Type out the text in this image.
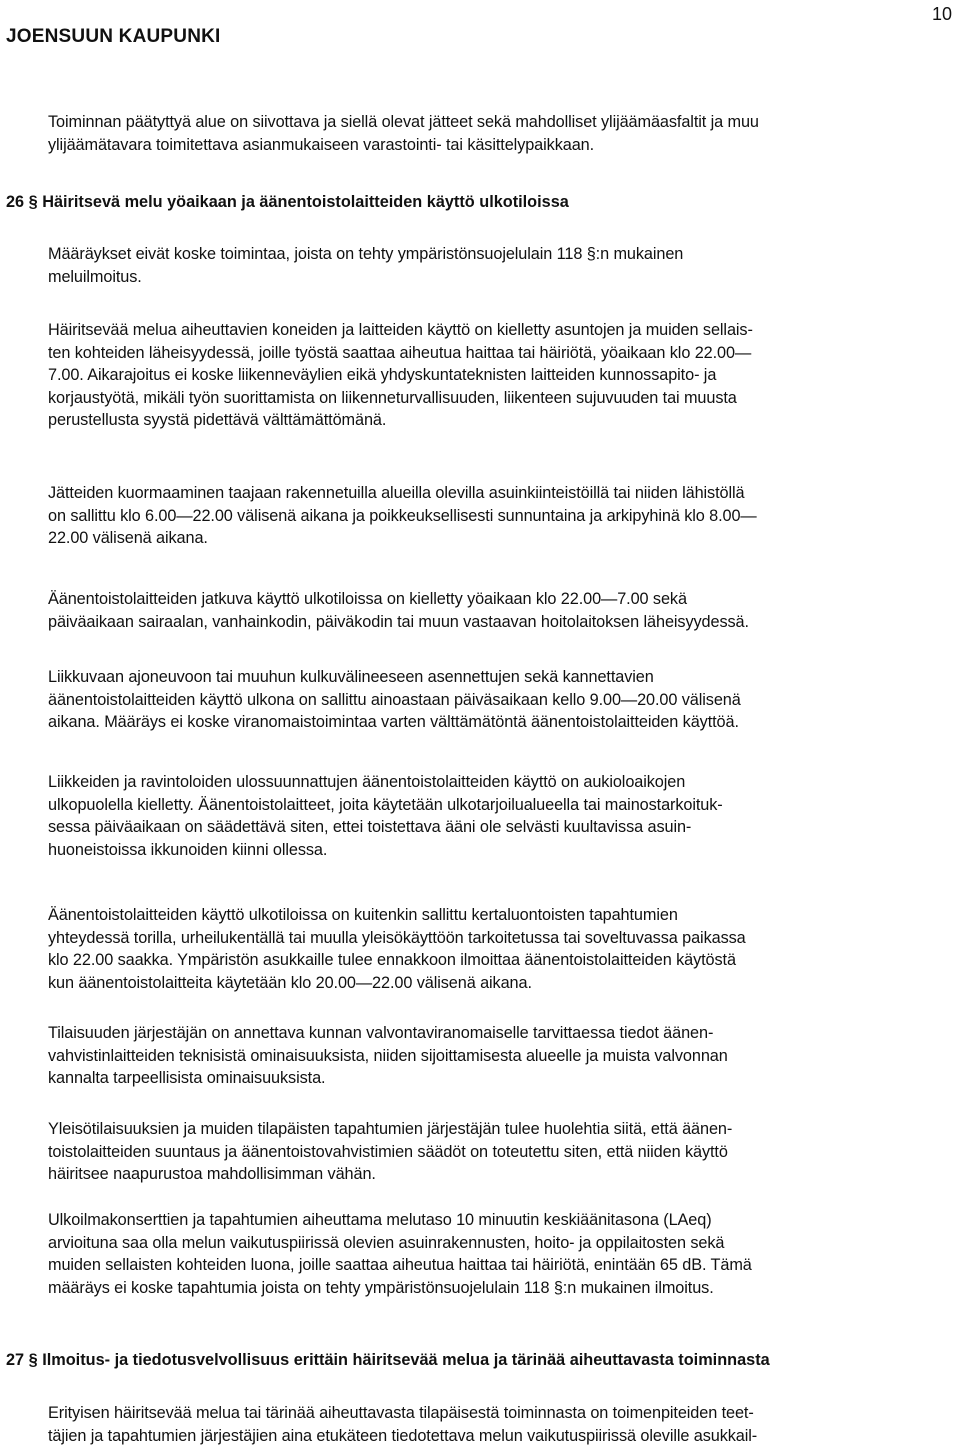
JOENSUUN KAUPUNKI
10
Toiminnan päätyttyä alue on siivottava ja siellä olevat jätteet sekä mahdolliset ylijäämäasfaltit ja muu
ylijäämätavara toimitettava asianmukaiseen varastointi- tai käsittelypaikkaan.
26 § Häiritsevä melu yöaikaan ja äänentoistolaitteiden käyttö ulkotiloissa
Määräykset eivät koske toimintaa, joista on tehty ympäristönsuojelulain 118 §:n mukainen
meluilmoitus.
Häiritsevää melua aiheuttavien koneiden ja laitteiden käyttö on kielletty asuntojen ja muiden sellais-
ten kohteiden läheisyydessä, joille työstä saattaa aiheutua haittaa tai häiriötä, yöaikaan klo 22.00—
7.00. Aikarajoitus ei koske liikenneväylien eikä yhdyskuntateknisten laitteiden kunnossapito- ja
korjaustyötä, mikäli työn suorittamista on liikenneturvallisuuden, liikenteen sujuvuuden tai muusta
perustellusta syystä pidettävä välttämättömänä.
Jätteiden kuormaaminen taajaan rakennetuilla alueilla olevilla asuinkiinteistöillä tai niiden lähistöllä
on sallittu klo 6.00—22.00 välisenä aikana ja poikkeuksellisesti sunnuntaina ja arkipyhinä klo 8.00—
22.00 välisenä aikana.
Äänentoistolaitteiden jatkuva käyttö ulkotiloissa on kielletty yöaikaan klo 22.00—7.00 sekä
päiväaikaan sairaalan, vanhainkodin, päiväkodin tai muun vastaavan hoitolaitoksen läheisyydessä.
Liikkuvaan ajoneuvoon tai muuhun kulkuvälineeseen asennettujen sekä kannettavien
äänentoistolaitteiden käyttö ulkona on sallittu ainoastaan päiväsaikaan kello 9.00—20.00 välisenä
aikana. Määräys ei koske viranomaistoimintaa varten välttämätöntä äänentoistolaitteiden käyttöä.
Liikkeiden ja ravintoloiden ulossuunnattujen äänentoistolaitteiden käyttö on aukioloaikojen
ulkopuolella kielletty. Äänentoistolaitteet, joita käytetään ulkotarjoilualueella tai mainostarkoituk-
sessa päiväaikaan on säädettävä siten, ettei toistettava ääni ole selvästi kuultavissa asuin-
huoneistoissa ikkunoiden kiinni ollessa.
Äänentoistolaitteiden käyttö ulkotiloissa on kuitenkin sallittu kertaluontoisten tapahtumien
yhteydessä torilla, urheilukentällä tai muulla yleisökäyttöön tarkoitetussa tai soveltuvassa paikassa
klo 22.00 saakka. Ympäristön asukkaille tulee ennakkoon ilmoittaa äänentoistolaitteiden käytöstä
kun äänentoistolaitteita käytetään klo 20.00—22.00 välisenä aikana.
Tilaisuuden järjestäjän on annettava kunnan valvontaviranomaiselle tarvittaessa tiedot äänen-
vahvistinlaitteiden teknisistä ominaisuuksista, niiden sijoittamisesta alueelle ja muista valvonnan
kannalta tarpeellisista ominaisuuksista.
Yleisötilaisuuksien ja muiden tilapäisten tapahtumien järjestäjän tulee huolehtia siitä, että äänen-
toistolaitteiden suuntaus ja äänentoistovahvistimien säädöt on toteutettu siten, että niiden käyttö
häiritsee naapurustoa mahdollisimman vähän.
Ulkoilmakonserttien ja tapahtumien aiheuttama melutaso 10 minuutin keskiäänitasona (LAeq)
arvioituna saa olla melun vaikutuspiirissä olevien asuinrakennusten, hoito- ja oppilaitosten sekä
muiden sellaisten kohteiden luona, joille saattaa aiheutua haittaa tai häiriötä, enintään 65 dB. Tämä
määräys ei koske tapahtumia joista on tehty ympäristönsuojelulain 118 §:n mukainen ilmoitus.
27 § Ilmoitus- ja tiedotusvelvollisuus erittäin häiritsevää melua ja tärinää aiheuttavasta toiminnasta
Erityisen häiritsevää melua tai tärinää aiheuttavasta tilapäisestä toiminnasta on toimenpiteiden teet-
täjien ja tapahtumien järjestäjien aina etukäteen tiedotettava melun vaikutuspiirissä oleville asukkail-
